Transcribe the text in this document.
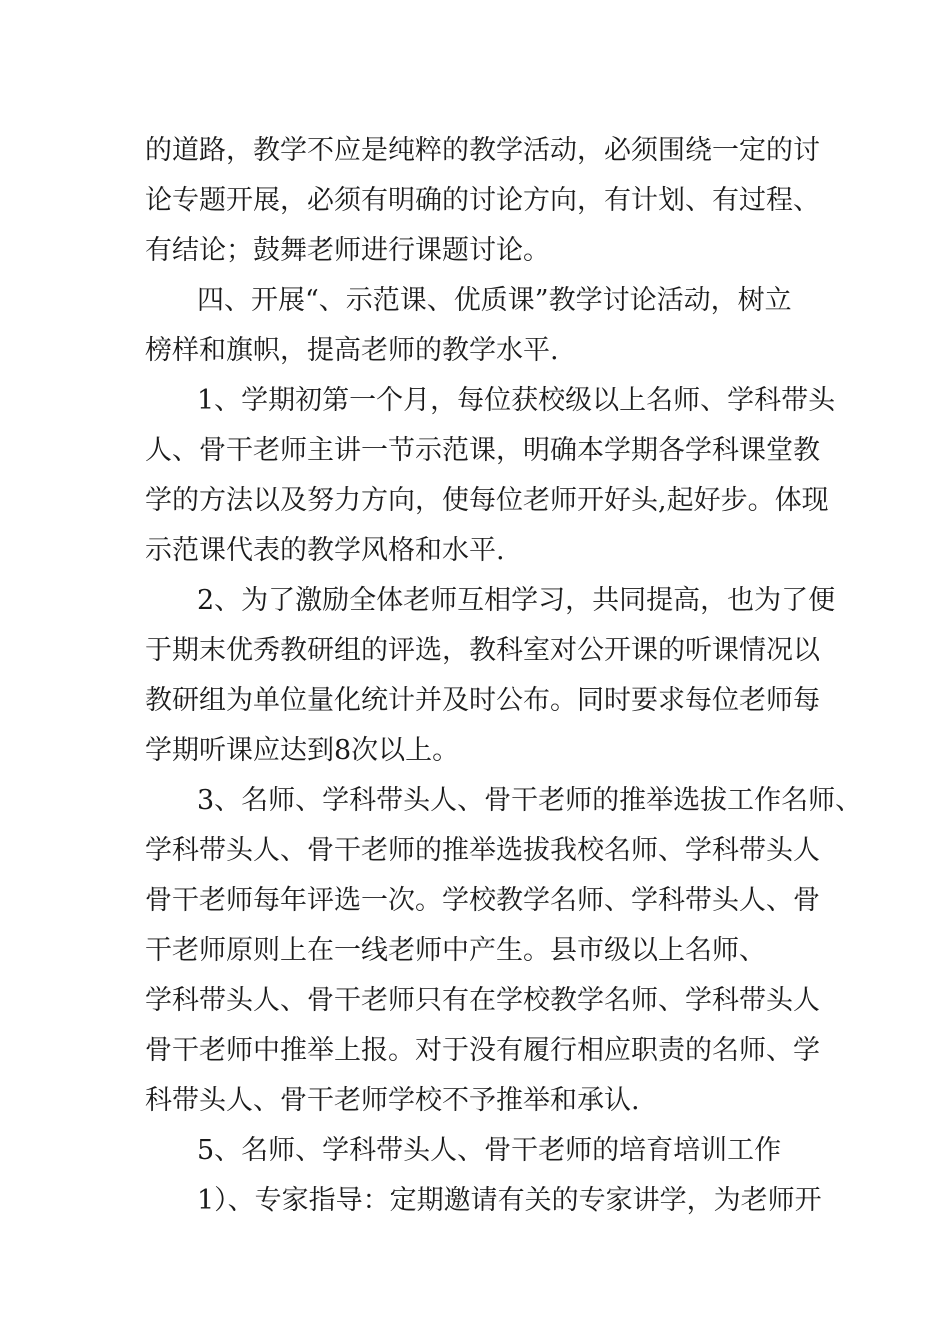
的道路，教学不应是纯粹的教学活动，必须围绕一定的讨
论专题开展，必须有明确的讨论方向，有计划、有过程、
有结论；鼓舞老师进行课题讨论。
四、开展“、示范课、优质课”教学讨论活动，树立
榜样和旗帜，提高老师的教学水平.
1、学期初第一个月，每位获校级以上名师、学科带头
人、骨干老师主讲一节示范课，明确本学期各学科课堂教
学的方法以及努力方向，使每位老师开好头,起好步。体现
示范课代表的教学风格和水平.
2、为了激励全体老师互相学习，共同提高，也为了便
于期末优秀教研组的评选，教科室对公开课的听课情况以
教研组为单位量化统计并及时公布。同时要求每位老师每
学期听课应达到8次以上。
3、名师、学科带头人、骨干老师的推举选拔工作名师、
学科带头人、骨干老师的推举选拔我校名师、学科带头人
骨干老师每年评选一次。学校教学名师、学科带头人、骨
干老师原则上在一线老师中产生。县市级以上名师、
学科带头人、骨干老师只有在学校教学名师、学科带头人
骨干老师中推举上报。对于没有履行相应职责的名师、学
科带头人、骨干老师学校不予推举和承认.
5、名师、学科带头人、骨干老师的培育培训工作
1）、专家指导：定期邀请有关的专家讲学，为老师开
